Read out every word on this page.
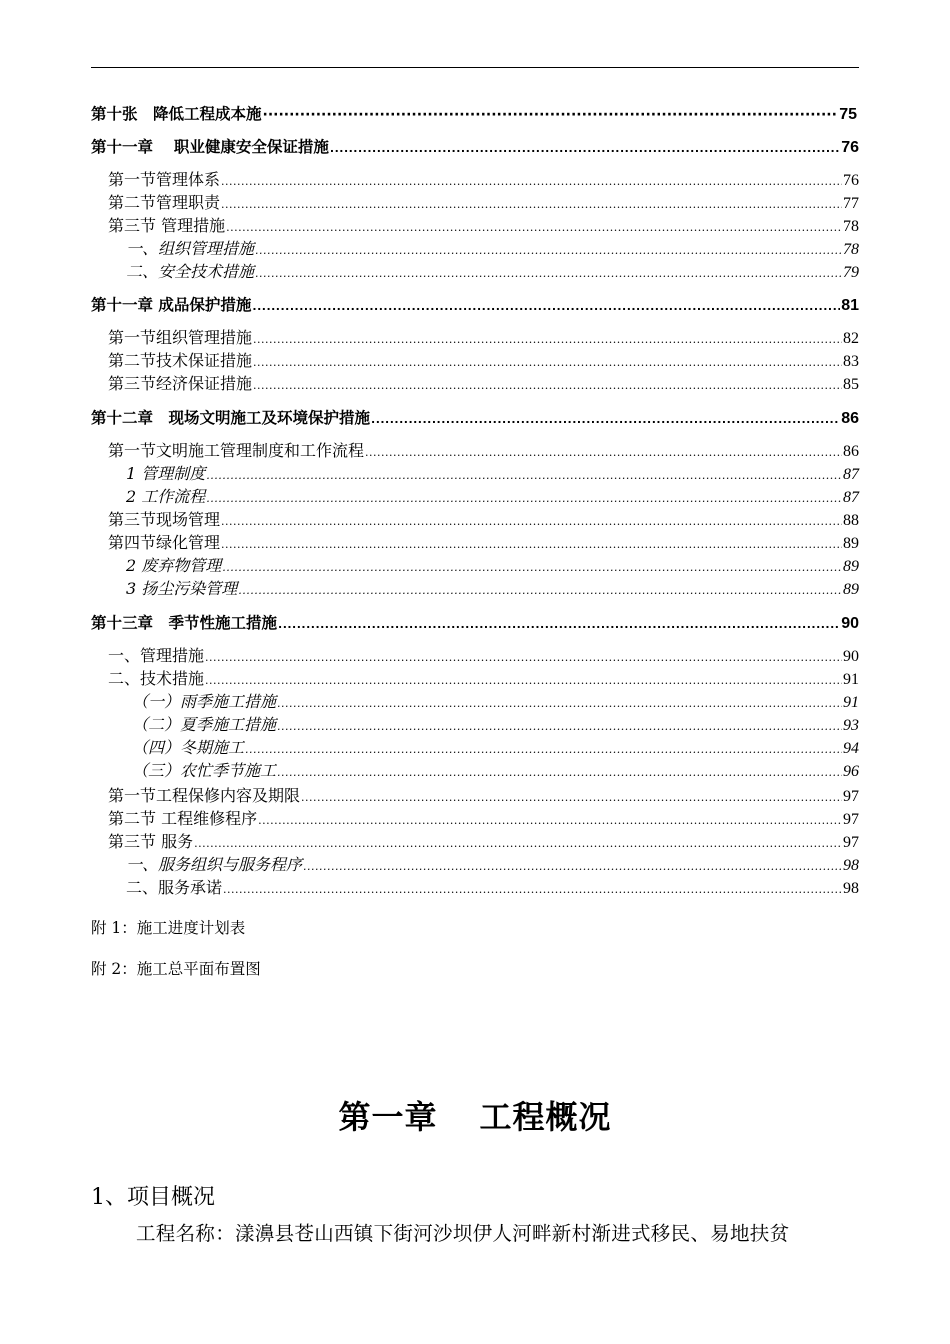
第十张　降低工程成本施 ·····	75
第十一章　 职业健康安全保证措施 .....	76
第一节 管理体系 .....	76
第二节 管理职责 .....	77
第三节 管理措施 .....	78
一、组织管理措施 .....	78
二、安全技术措施 .....	79
第十一章 成品保护措施 .....	81
第一节 组织管理措施 .....	82
第二节 技术保证措施 .....	83
第三节 经济保证措施 .....	85
第十二章　现场文明施工及环境保护措施 .....	86
第一节 文明施工管理制度和工作流程 .....	86
1 管理制度 .....	87
2 工作流程 .....	87
第三节 现场管理 .....	88
第四节 绿化管理 .....	89
2 废弃物管理 .....	89
3 扬尘污染管理 .....	89
第十三章　季节性施工措施 .....	90
一、管理措施 .....	90
二、技术措施 .....	91
（一）雨季施工措施 .....	91
（二）夏季施工措施 .....	93
（四）冬期施工 .....	94
（三）农忙季节施工 .....	96
第一节 工程保修内容及期限 .....	97
第二节 工程维修程序 .....	97
第三节 服务 .....	97
一、服务组织与服务程序 .....	98
二、服务承诺 .....	98
附 1：施工进度计划表
附 2：施工总平面布置图
第一章 工程概况
1、项目概况
工程名称：漾濞县苍山西镇下街河沙坝伊人河畔新村渐进式移民、易地扶贫
